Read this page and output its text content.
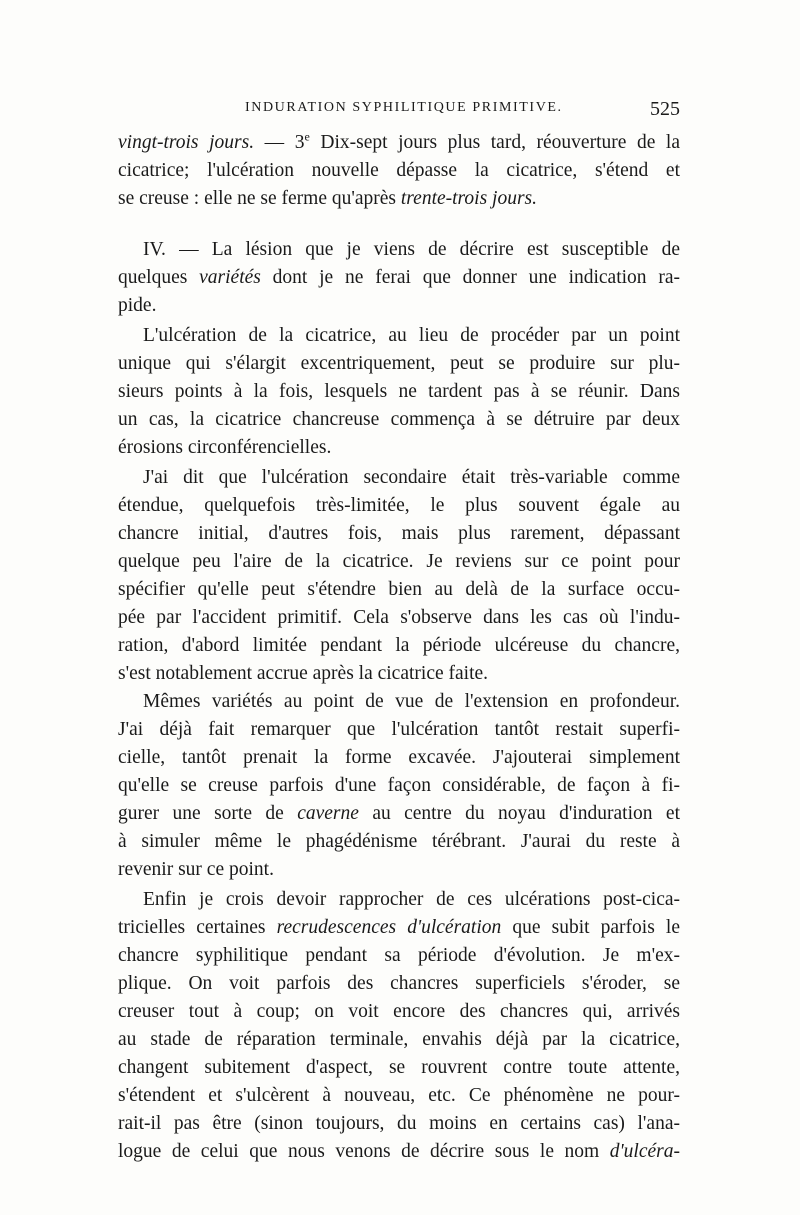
INDURATION SYPHILITIQUE PRIMITIVE.	525
vingt-trois jours. — 3e Dix-sept jours plus tard, réouverture de la
cicatrice; l'ulcération nouvelle dépasse la cicatrice, s'étend et
se creuse : elle ne se ferme qu'après trente-trois jours.
IV. — La lésion que je viens de décrire est susceptible de
quelques variétés dont je ne ferai que donner une indication ra-
pide.
L'ulcération de la cicatrice, au lieu de procéder par un point
unique qui s'élargit excentriquement, peut se produire sur plu-
sieurs points à la fois, lesquels ne tardent pas à se réunir. Dans
un cas, la cicatrice chancreuse commença à se détruire par deux
érosions circonférencielles.
J'ai dit que l'ulcération secondaire était très-variable comme
étendue, quelquefois très-limitée, le plus souvent égale au
chancre initial, d'autres fois, mais plus rarement, dépassant
quelque peu l'aire de la cicatrice. Je reviens sur ce point pour
spécifier qu'elle peut s'étendre bien au delà de la surface occu-
pée par l'accident primitif. Cela s'observe dans les cas où l'indu-
ration, d'abord limitée pendant la période ulcéreuse du chancre,
s'est notablement accrue après la cicatrice faite.
Mêmes variétés au point de vue de l'extension en profondeur.
J'ai déjà fait remarquer que l'ulcération tantôt restait superfi-
cielle, tantôt prenait la forme excavée. J'ajouterai simplement
qu'elle se creuse parfois d'une façon considérable, de façon à fi-
gurer une sorte de caverne au centre du noyau d'induration et
à simuler même le phagédénisme térébrant. J'aurai du reste à
revenir sur ce point.
Enfin je crois devoir rapprocher de ces ulcérations post-cica-
tricielles certaines recrudescences d'ulcération que subit parfois le
chancre syphilitique pendant sa période d'évolution. Je m'ex-
plique. On voit parfois des chancres superficiels s'éroder, se
creuser tout à coup; on voit encore des chancres qui, arrivés
au stade de réparation terminale, envahis déjà par la cicatrice,
changent subitement d'aspect, se rouvrent contre toute attente,
s'étendent et s'ulcèrent à nouveau, etc. Ce phénomène ne pour-
rait-il pas être (sinon toujours, du moins en certains cas) l'ana-
logue de celui que nous venons de décrire sous le nom d'ulcéra-
